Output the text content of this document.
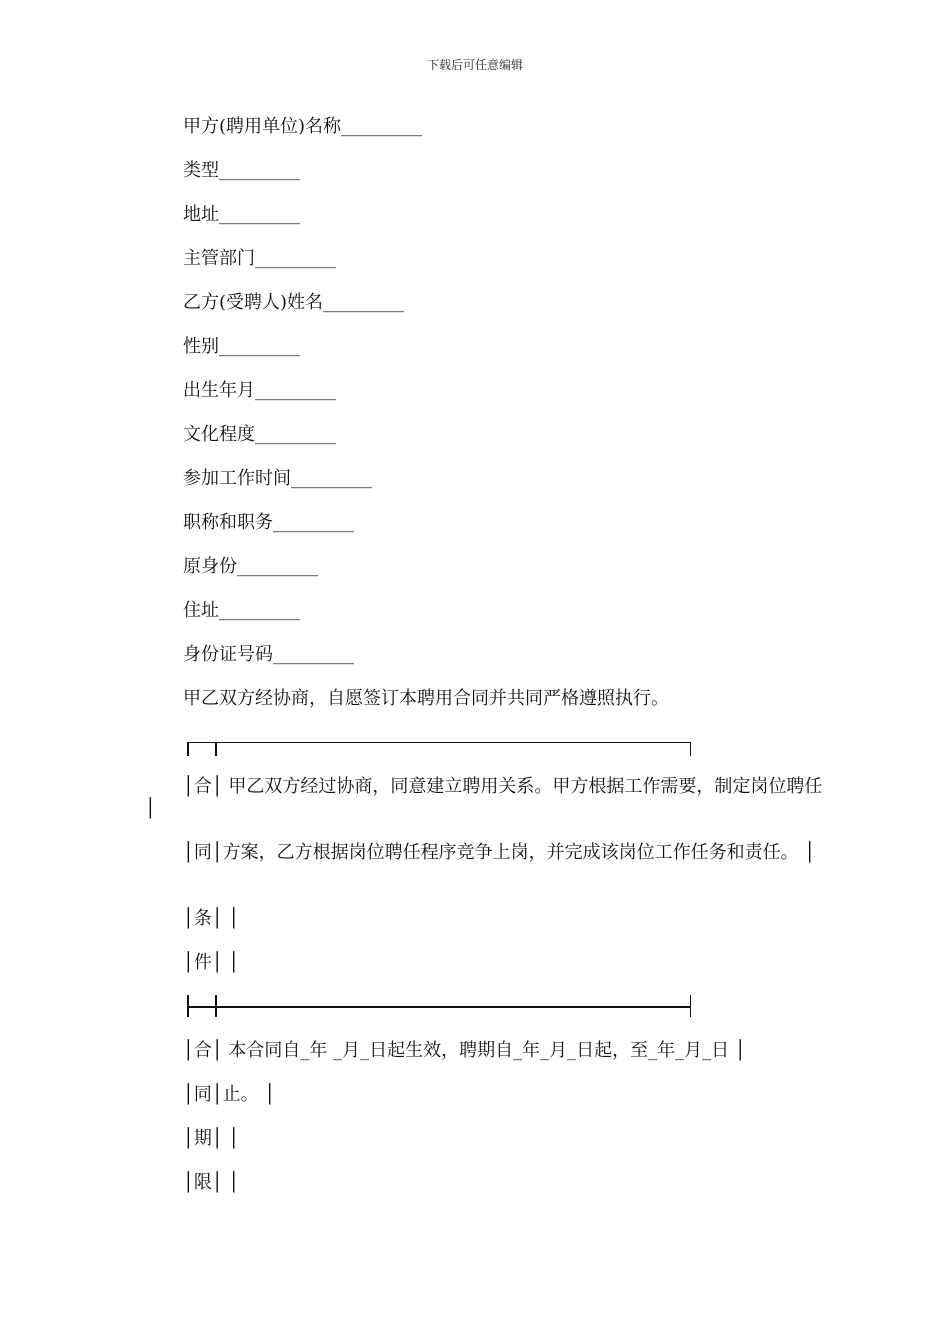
下载后可任意编辑
甲方(聘用单位)名称_________
类型_________
地址_________
主管部门_________
乙方(受聘人)姓名_________
性别_________
出生年月_________
文化程度_________
参加工作时间_________
职称和职务_________
原身份_________
住址_________
身份证号码_________
甲乙双方经协商，自愿签订本聘用合同并共同严格遵照执行。
│合│ 甲乙双方经过协商，同意建立聘用关系。甲方根据工作需要，制定岗位聘任│
│同│方案，乙方根据岗位聘任程序竞争上岗，并完成该岗位工作任务和责任。 │
│条│ │
│件│ │
│合│ 本合同自_年 _月_日起生效，聘期自_年_月_日起，至_年_月_日 │
│同│止。 │
│期│ │
│限│ │
